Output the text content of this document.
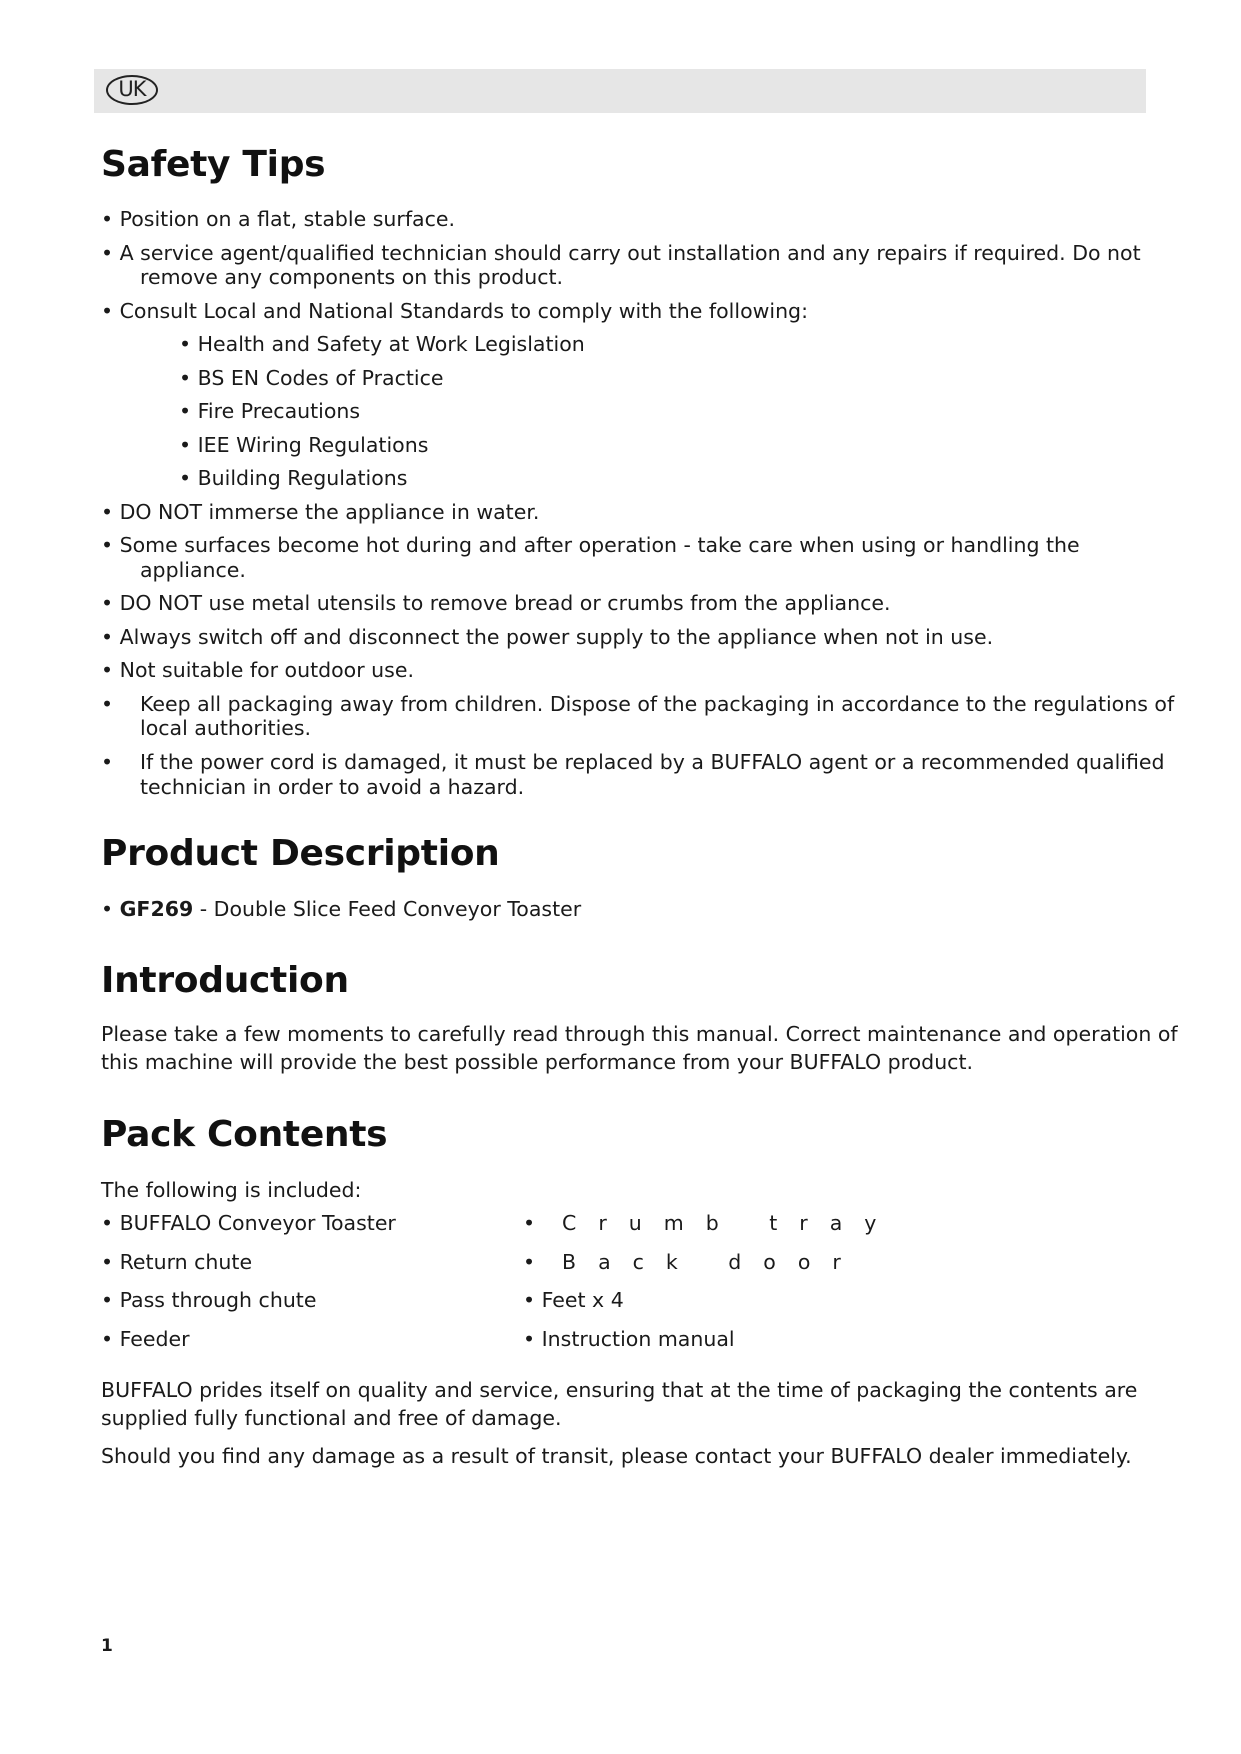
UK
Safety Tips

• Position on a flat, stable surface.

• A service agent/qualified technician should carry out installation and any repairs if required. Do not

remove any components on this product.

• Consult Local and National Standards to comply with the following:

• Health and Safety at Work Legislation

• BS EN Codes of Practice

• Fire Precautions

• IEE Wiring Regulations

• Building Regulations

• DO NOT immerse the appliance in water.

• Some surfaces become hot during and after operation - take care when using or handling the

appliance.

• DO NOT use metal utensils to remove bread or crumbs from the appliance.

• Always switch off and disconnect the power supply to the appliance when not in use.

• Not suitable for outdoor use.

• Keep all packaging away from children. Dispose of the packaging in accordance to the regulations of

local authorities.

• If the power cord is damaged, it must be replaced by a BUFFALO agent or a recommended qualified

technician in order to avoid a hazard.

Product Description

• GF269 - Double Slice Feed Conveyor Toaster

Introduction

Please take a few moments to carefully read through this manual. Correct maintenance and operation of

this machine will provide the best possible performance from your BUFFALO product.

Pack Contents

The following is included:

• BUFFALO Conveyor Toaster

• Return chute

• Pass through chute

• Feeder

• Crumb tray

• Back door

• Feet x 4

• Instruction manual

BUFFALO prides itself on quality and service, ensuring that at the time of packaging the contents are

supplied fully functional and free of damage.

Should you find any damage as a result of transit, please contact your BUFFALO dealer immediately.

1
